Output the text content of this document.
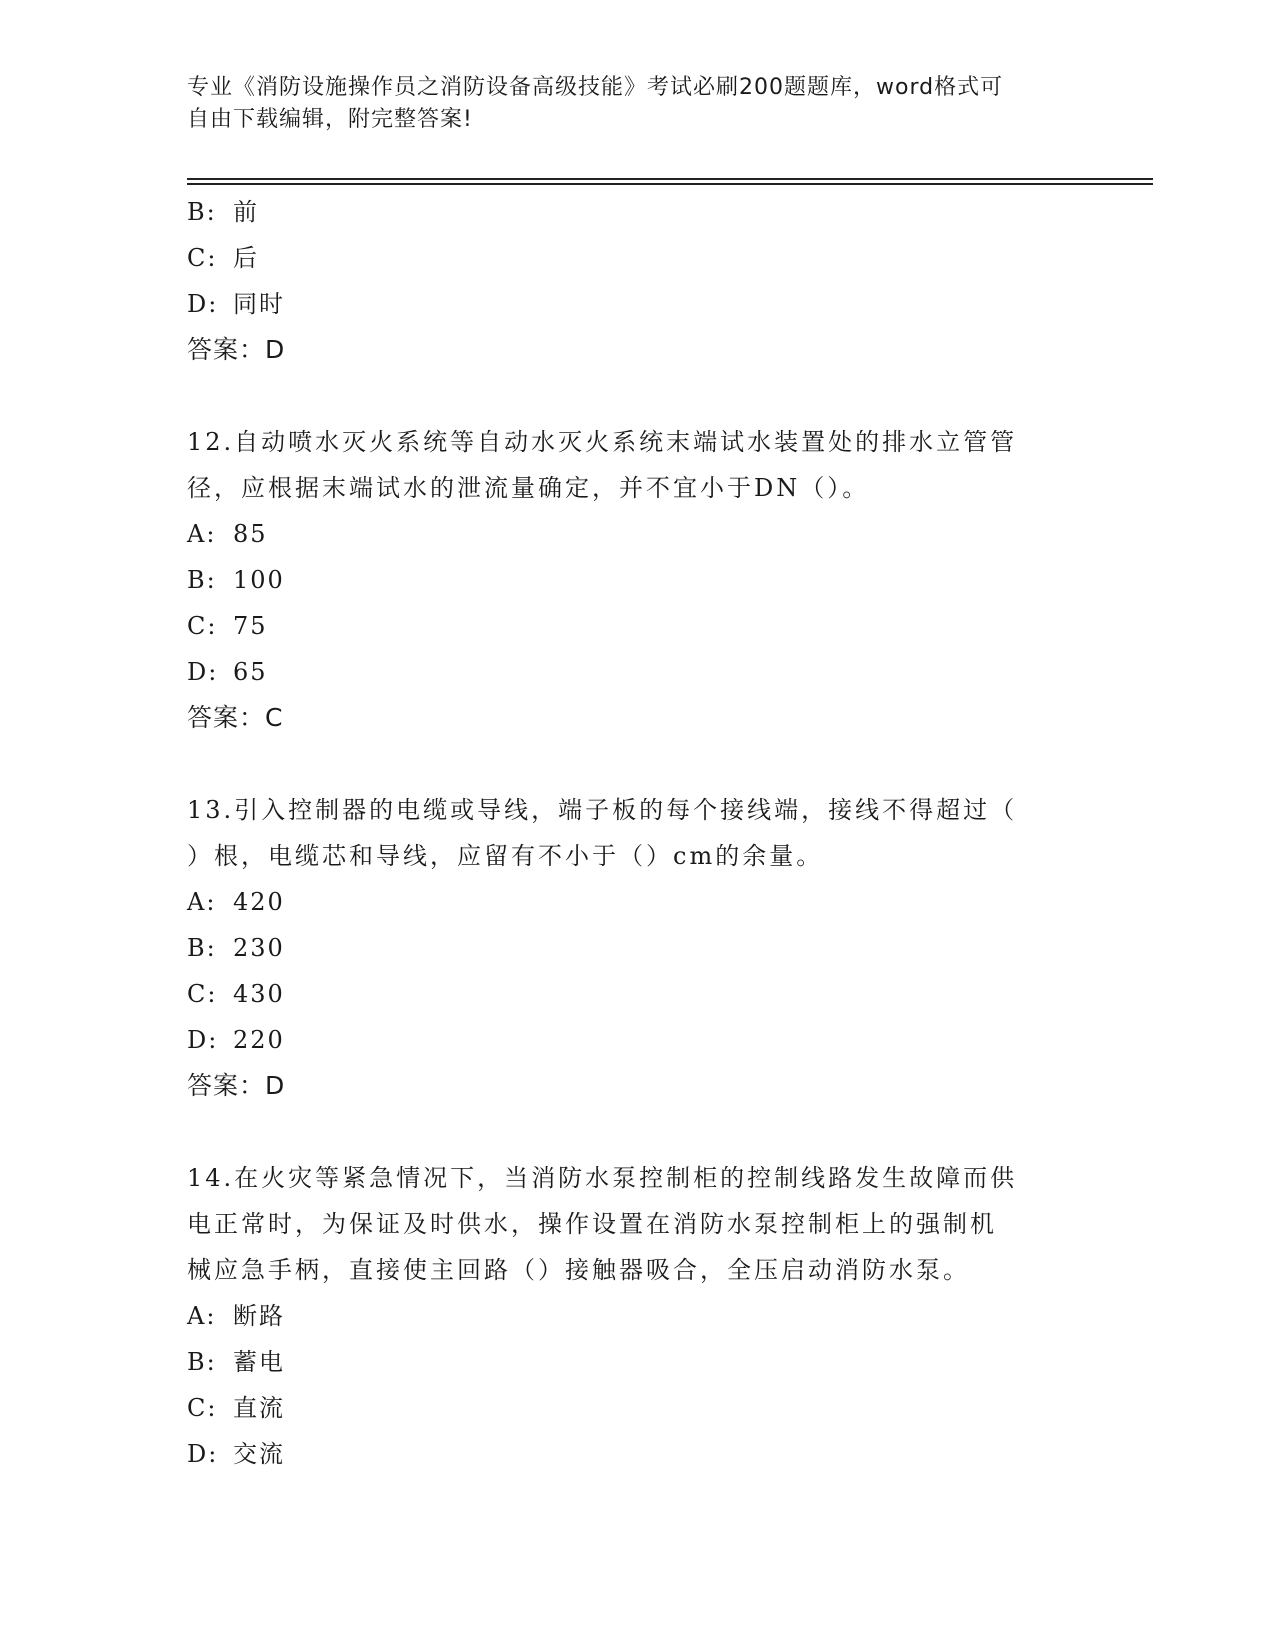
专业《消防设施操作员之消防设备高级技能》考试必刷200题题库，word格式可
自由下载编辑，附完整答案!
B: 前
C: 后
D: 同时
答案：D
12.自动喷水灭火系统等自动水灭火系统末端试水装置处的排水立管管
径，应根据末端试水的泄流量确定，并不宜小于DN（）。
A: 85
B: 100
C: 75
D: 65
答案：C
13.引入控制器的电缆或导线，端子板的每个接线端，接线不得超过（
）根，电缆芯和导线，应留有不小于（）cm的余量。
A: 420
B: 230
C: 430
D: 220
答案：D
14.在火灾等紧急情况下，当消防水泵控制柜的控制线路发生故障而供
电正常时，为保证及时供水，操作设置在消防水泵控制柜上的强制机
械应急手柄，直接使主回路（）接触器吸合，全压启动消防水泵。
A: 断路
B: 蓄电
C: 直流
D: 交流
